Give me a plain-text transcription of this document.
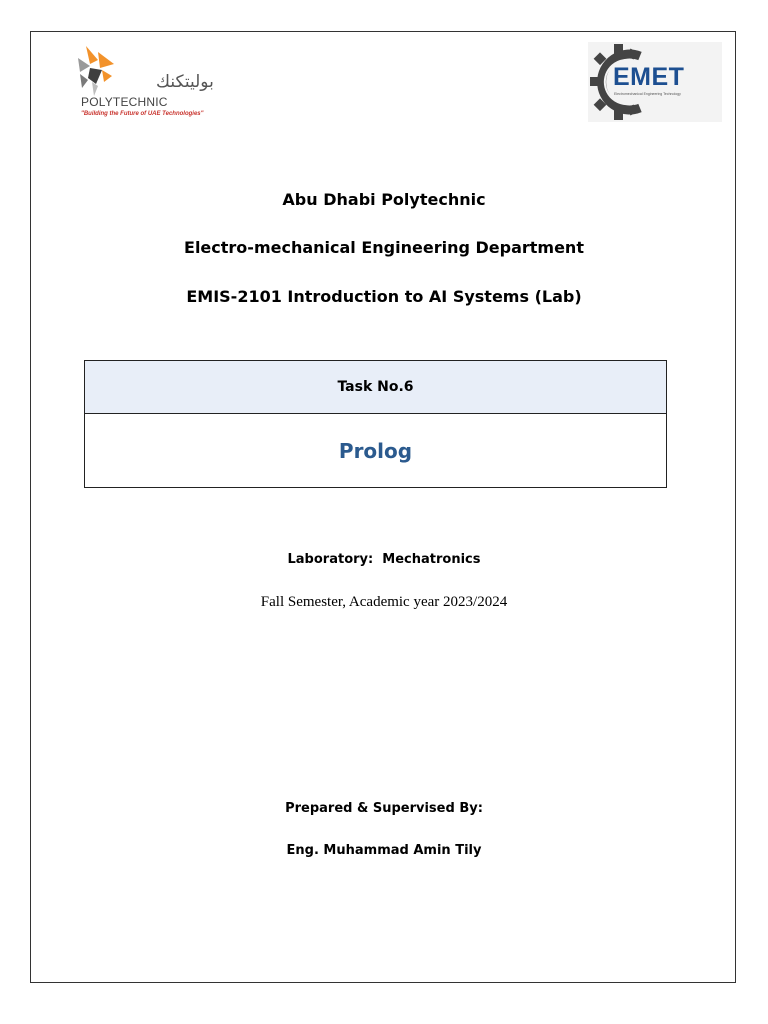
بوليتكنك
POLYTECHNIC
"Building the Future of UAE Technologies"
EMET
Electromechanical Engineering Technology
Abu Dhabi Polytechnic
Electro-mechanical Engineering Department
EMIS-2101 Introduction to AI Systems (Lab)
Task No.6
Prolog
Laboratory: Mechatronics
Fall Semester, Academic year 2023/2024
Prepared & Supervised By:
Eng. Muhammad Amin Tily
